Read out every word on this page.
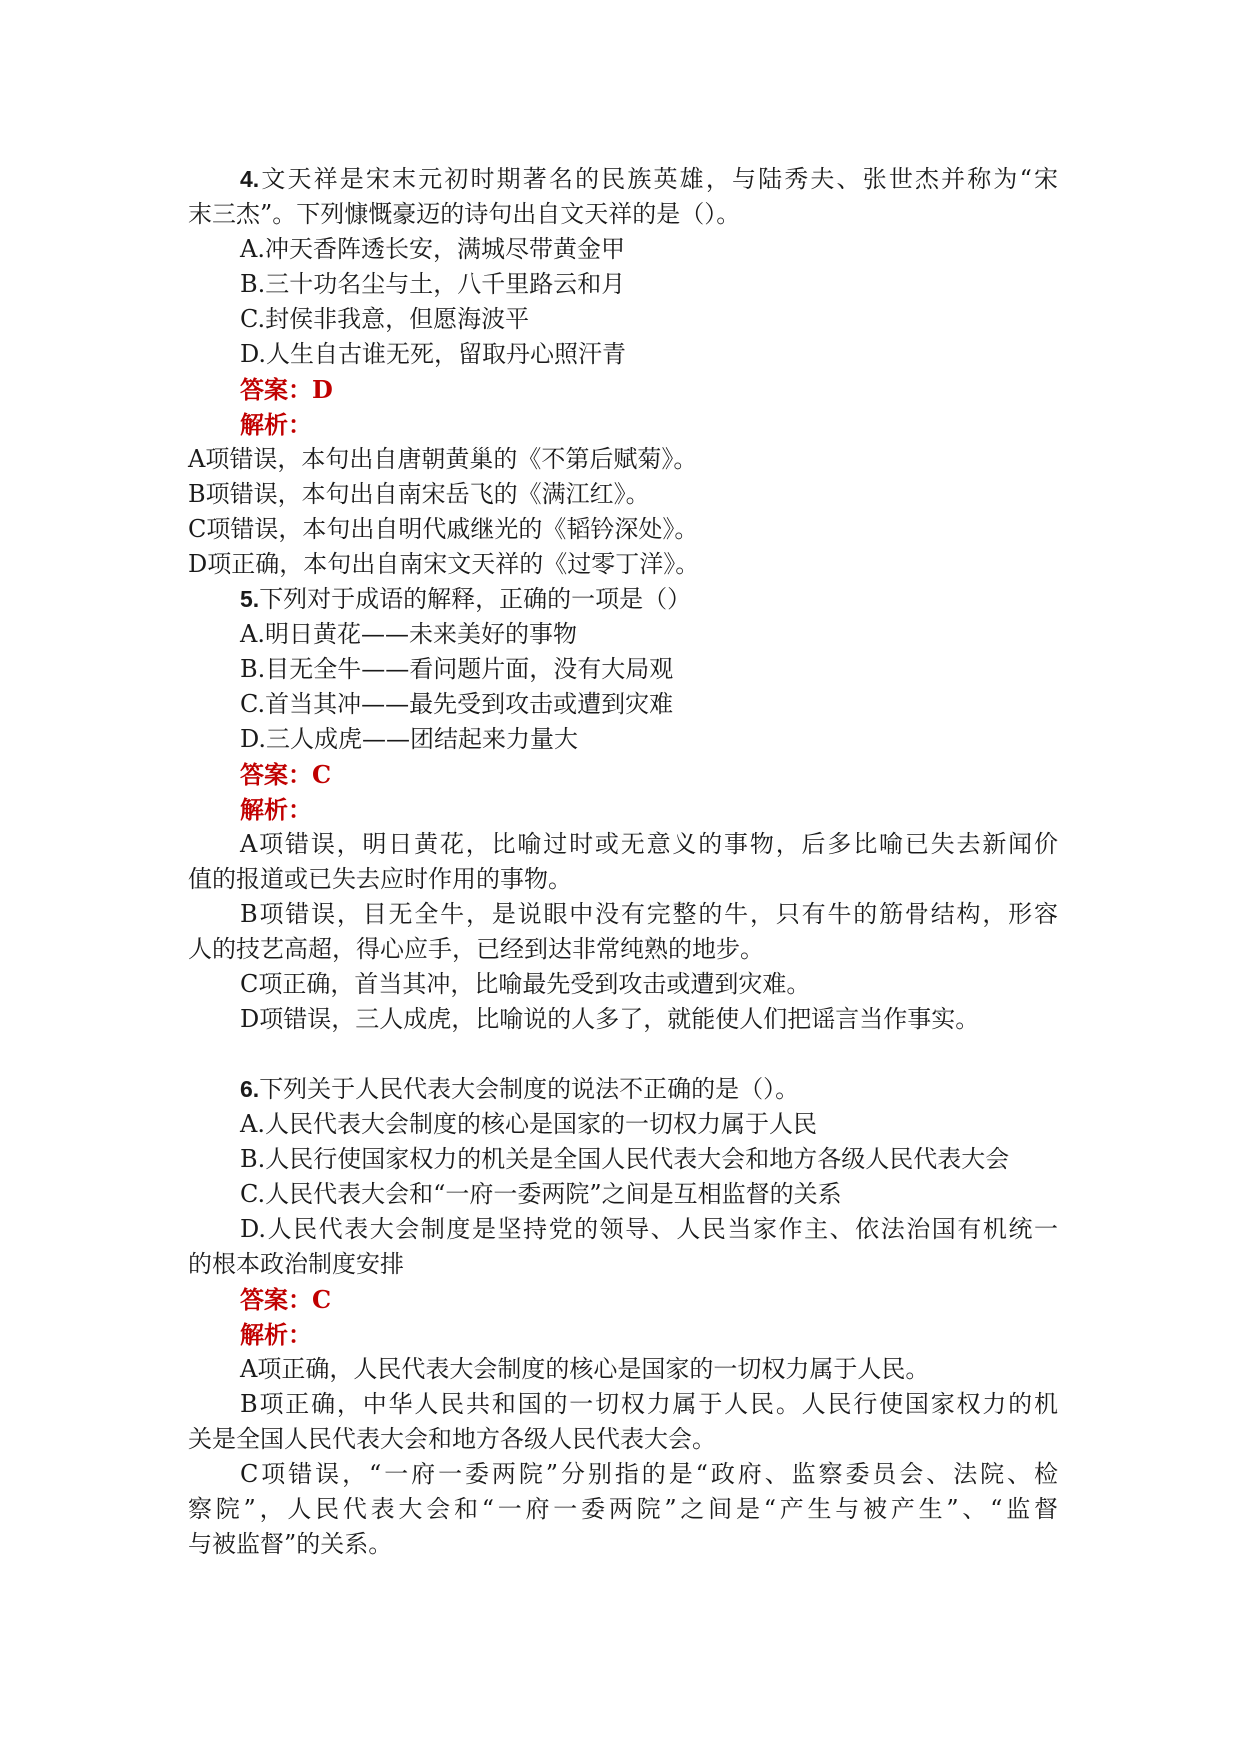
4.文天祥是宋末元初时期著名的民族英雄，与陆秀夫、张世杰并称为“宋

末三杰”。下列慷慨豪迈的诗句出自文天祥的是（）。

A.冲天香阵透长安，满城尽带黄金甲

B.三十功名尘与土，八千里路云和月

C.封侯非我意，但愿海波平

D.人生自古谁无死，留取丹心照汗青

答案：D

解析：

A项错误，本句出自唐朝黄巢的《不第后赋菊》。

B项错误，本句出自南宋岳飞的《满江红》。

C项错误，本句出自明代戚继光的《韬钤深处》。

D项正确，本句出自南宋文天祥的《过零丁洋》。

5.下列对于成语的解释，正确的一项是（）

A.明日黄花——未来美好的事物

B.目无全牛——看问题片面，没有大局观

C.首当其冲——最先受到攻击或遭到灾难

D.三人成虎——团结起来力量大

答案：C

解析：

A项错误，明日黄花，比喻过时或无意义的事物，后多比喻已失去新闻价

值的报道或已失去应时作用的事物。

B项错误，目无全牛，是说眼中没有完整的牛，只有牛的筋骨结构，形容

人的技艺高超，得心应手，已经到达非常纯熟的地步。

C项正确，首当其冲，比喻最先受到攻击或遭到灾难。

D项错误，三人成虎，比喻说的人多了，就能使人们把谣言当作事实。

6.下列关于人民代表大会制度的说法不正确的是（）。

A.人民代表大会制度的核心是国家的一切权力属于人民

B.人民行使国家权力的机关是全国人民代表大会和地方各级人民代表大会

C.人民代表大会和“一府一委两院”之间是互相监督的关系

D.人民代表大会制度是坚持党的领导、人民当家作主、依法治国有机统一

的根本政治制度安排

答案：C

解析：

A项正确，人民代表大会制度的核心是国家的一切权力属于人民。

B项正确，中华人民共和国的一切权力属于人民。人民行使国家权力的机

关是全国人民代表大会和地方各级人民代表大会。

C项错误，“一府一委两院”分别指的是“政府、监察委员会、法院、检

察院”，人民代表大会和“一府一委两院”之间是“产生与被产生”、“监督

与被监督”的关系。
